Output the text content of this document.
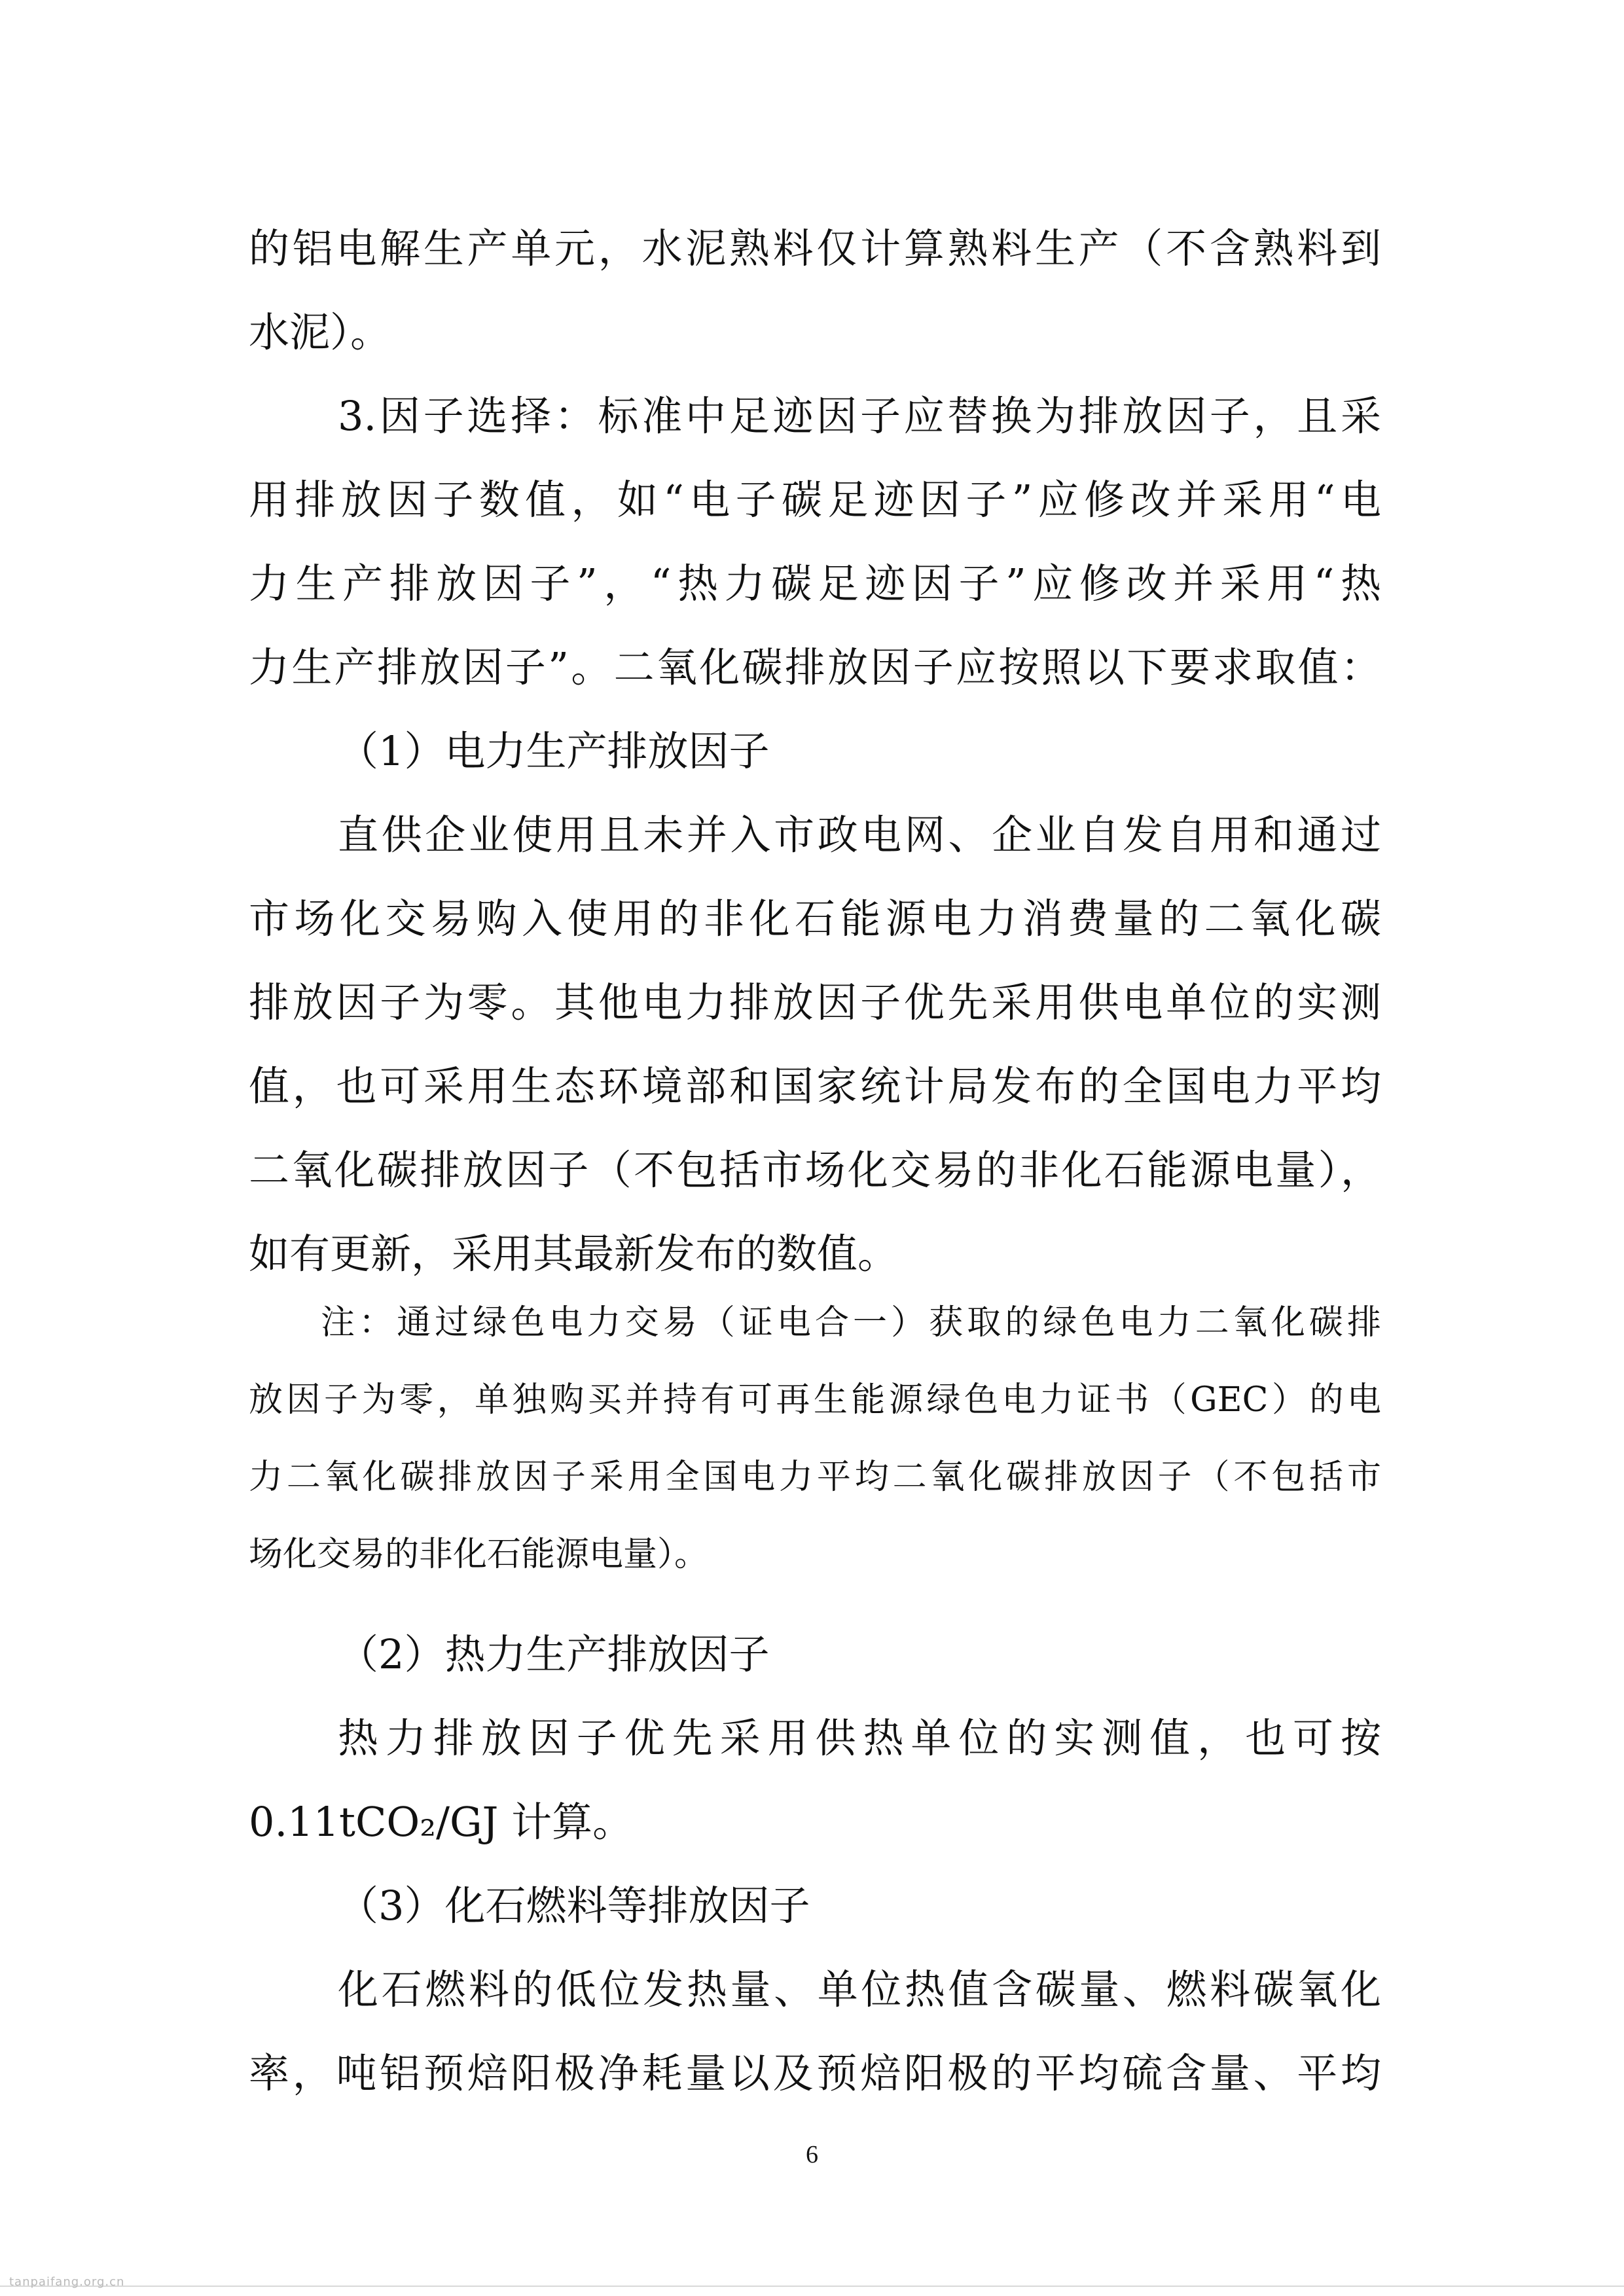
的铝电解生产单元，水泥熟料仅计算熟料生产（不含熟料到
水泥）。
3.因子选择：标准中足迹因子应替换为排放因子，且采
用排放因子数值，如“电子碳足迹因子”应修改并采用“电
力生产排放因子”，“热力碳足迹因子”应修改并采用“热
力生产排放因子”。二氧化碳排放因子应按照以下要求取值：
（1）电力生产排放因子
直供企业使用且未并入市政电网、企业自发自用和通过
市场化交易购入使用的非化石能源电力消费量的二氧化碳
排放因子为零。其他电力排放因子优先采用供电单位的实测
值，也可采用生态环境部和国家统计局发布的全国电力平均
二氧化碳排放因子（不包括市场化交易的非化石能源电量），
如有更新，采用其最新发布的数值。
注：通过绿色电力交易（证电合一）获取的绿色电力二氧化碳排
放因子为零，单独购买并持有可再生能源绿色电力证书（GEC）的电
力二氧化碳排放因子采用全国电力平均二氧化碳排放因子（不包括市
场化交易的非化石能源电量）。
（2）热力生产排放因子
热力排放因子优先采用供热单位的实测值，也可按
0.11tCO₂/GJ 计算。
（3）化石燃料等排放因子
化石燃料的低位发热量、单位热值含碳量、燃料碳氧化
率，吨铝预焙阳极净耗量以及预焙阳极的平均硫含量、平均
6
tanpaifang.org.cn
